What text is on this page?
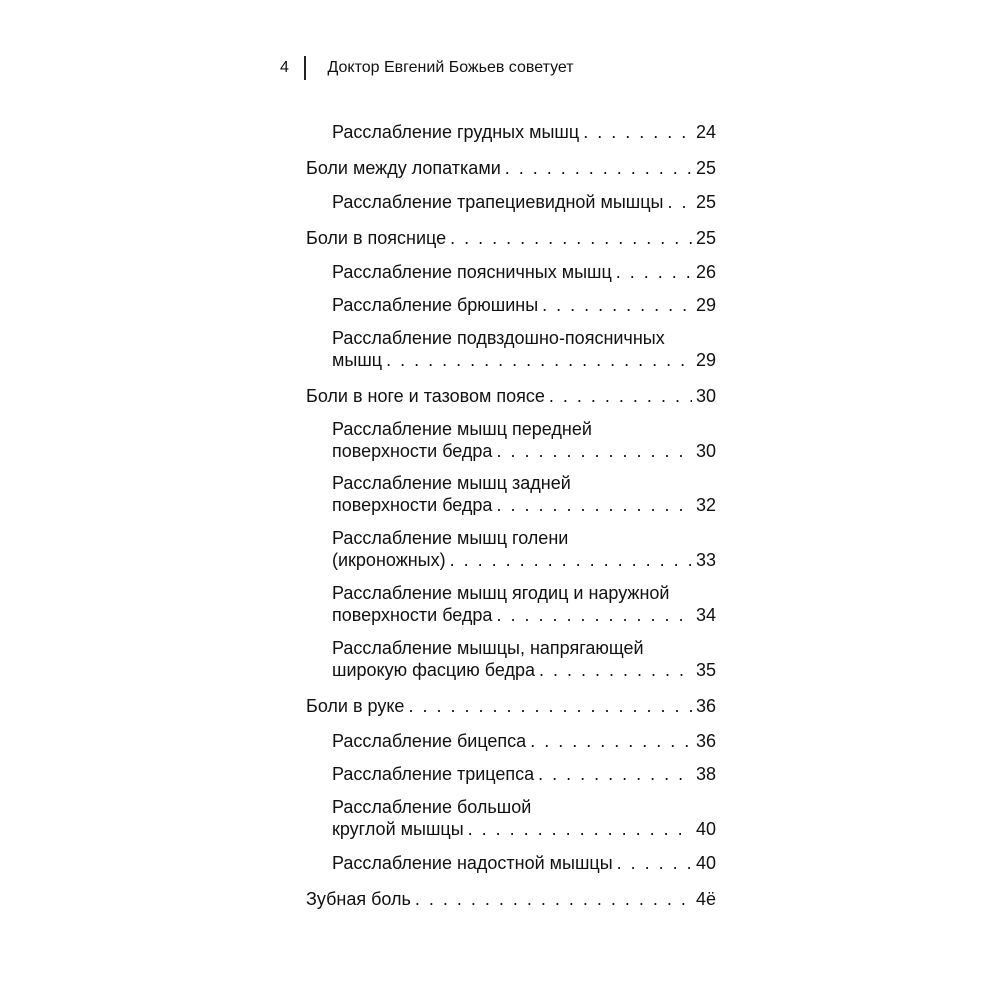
4	Доктор Евгений Божьев советует
Расслабление грудных мышц . . .	24
Боли между лопатками . . .	25
Расслабление трапециевидной мышцы . . . 25
Боли в пояснице . . .	25
Расслабление поясничных мышц . . .	26
Расслабление брюшины . . .	29
Расслабление подвздошно-поясничных
мышц . . .	29
Боли в ноге и тазовом поясе . . .	30
Расслабление мышц передней
поверхности бедра . . .	30
Расслабление мышц задней
поверхности бедра . . .	32
Расслабление мышц голени
(икроножных) . . .	33
Расслабление мышц ягодиц и наружной
поверхности бедра . . .	34
Расслабление мышцы, напрягающей
широкую фасцию бедра . . .	35
Боли в руке . . .	36
Расслабление бицепса . . .	36
Расслабление трицепса . . .	38
Расслабление большой
круглой мышцы . . .	40
Расслабление надостной мышцы . . .	40
Зубная боль . . .	4ё
